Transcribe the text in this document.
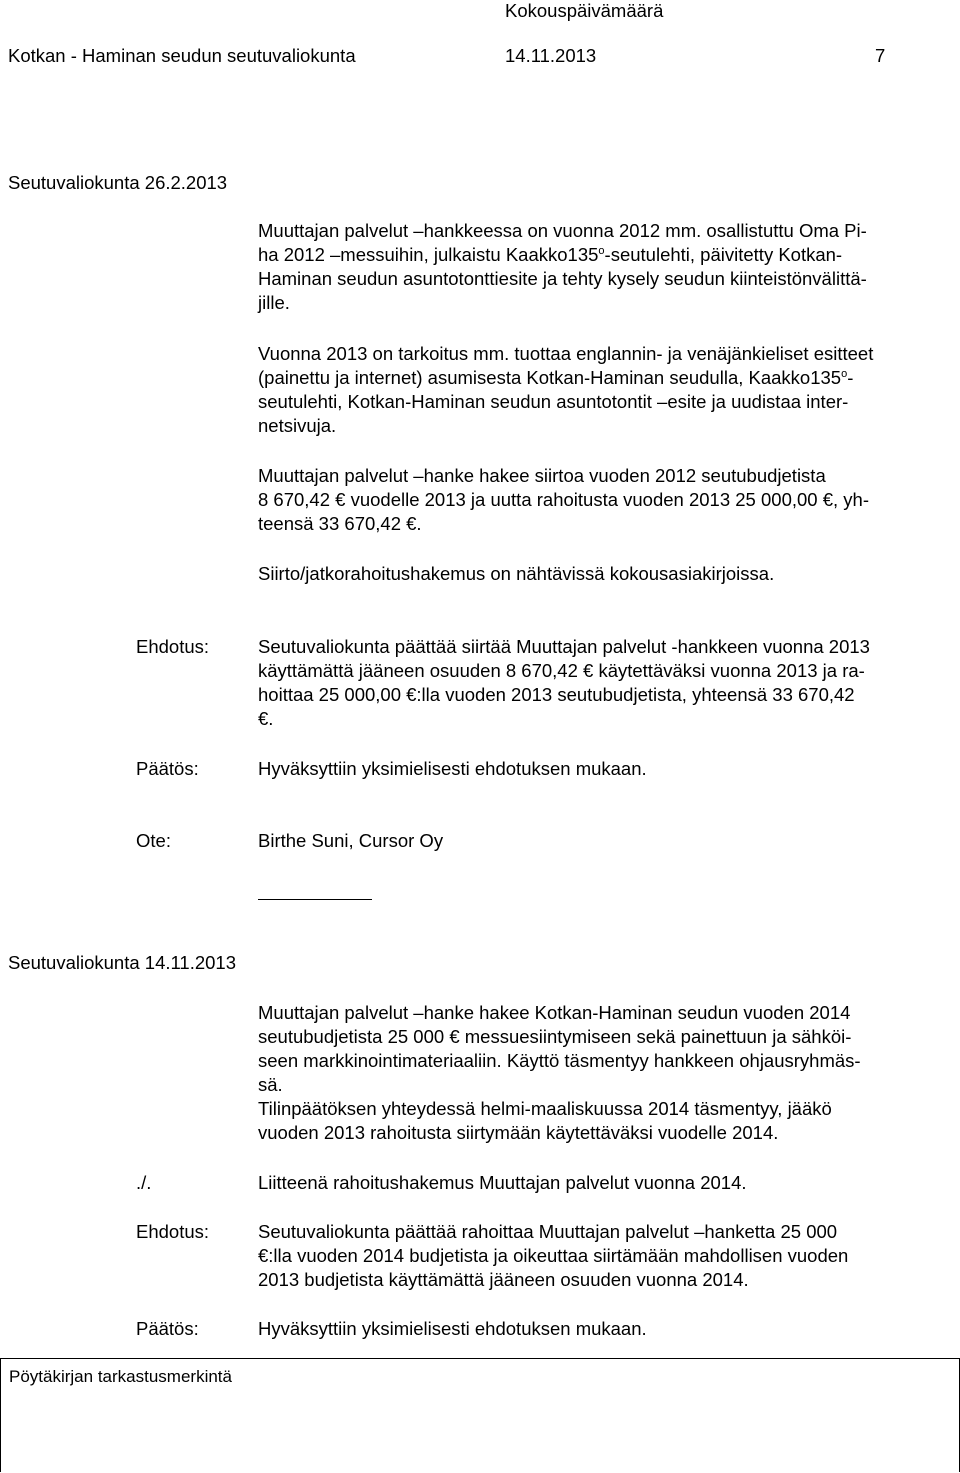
Kokouspäivämäärä
Kotkan - Haminan seudun seutuvaliokunta	14.11.2013	7
Seutuvaliokunta 26.2.2013
Muuttajan palvelut –hankkeessa on vuonna 2012 mm. osallistuttu Oma Pi-
ha 2012 –messuihin, julkaistu Kaakko135$^o$-seutulehti, päivitetty Kotkan-
Haminan seudun asuntotonttiesite ja tehty kysely seudun kiinteistönvälittä-
jille.
Vuonna 2013 on tarkoitus mm. tuottaa englannin- ja venäjänkieliset esitteet
(painettu ja internet) asumisesta Kotkan-Haminan seudulla, Kaakko135$^o$-
seutulehti, Kotkan-Haminan seudun asuntotontit –esite ja uudistaa inter-
netsivuja.
Muuttajan palvelut –hanke hakee siirtoa vuoden 2012 seutubudjetista
8 670,42 € vuodelle 2013 ja uutta rahoitusta vuoden 2013 25 000,00 €, yh-
teensä 33 670,42 €.
Siirto/jatkorahoitushakemus on nähtävissä kokousasiakirjoissa.
Ehdotus:	Seutuvaliokunta päättää siirtää Muuttajan palvelut -hankkeen vuonna 2013
käyttämättä jääneen osuuden 8 670,42 € käytettäväksi vuonna 2013 ja ra-
hoittaa 25 000,00 €:lla vuoden 2013 seutubudjetista, yhteensä 33 670,42
€.
Päätös:	Hyväksyttiin yksimielisesti ehdotuksen mukaan.
Ote:	Birthe Suni, Cursor Oy
Seutuvaliokunta 14.11.2013
Muuttajan palvelut –hanke hakee Kotkan-Haminan seudun vuoden 2014
seutubudjetista 25 000 € messuesiintymiseen sekä painettuun ja sähköi-
seen markkinointimateriaaliin. Käyttö täsmentyy hankkeen ohjausryhmäs-
sä.
Tilinpäätöksen yhteydessä helmi-maaliskuussa 2014 täsmentyy, jääkö
vuoden 2013 rahoitusta siirtymään käytettäväksi vuodelle 2014.
./.	Liitteenä rahoitushakemus Muuttajan palvelut vuonna 2014.
Ehdotus:	Seutuvaliokunta päättää rahoittaa Muuttajan palvelut –hanketta 25 000
€:lla vuoden 2014 budjetista ja oikeuttaa siirtämään mahdollisen vuoden
2013 budjetista käyttämättä jääneen osuuden vuonna 2014.
Päätös:	Hyväksyttiin yksimielisesti ehdotuksen mukaan.
Pöytäkirjan tarkastusmerkintä
